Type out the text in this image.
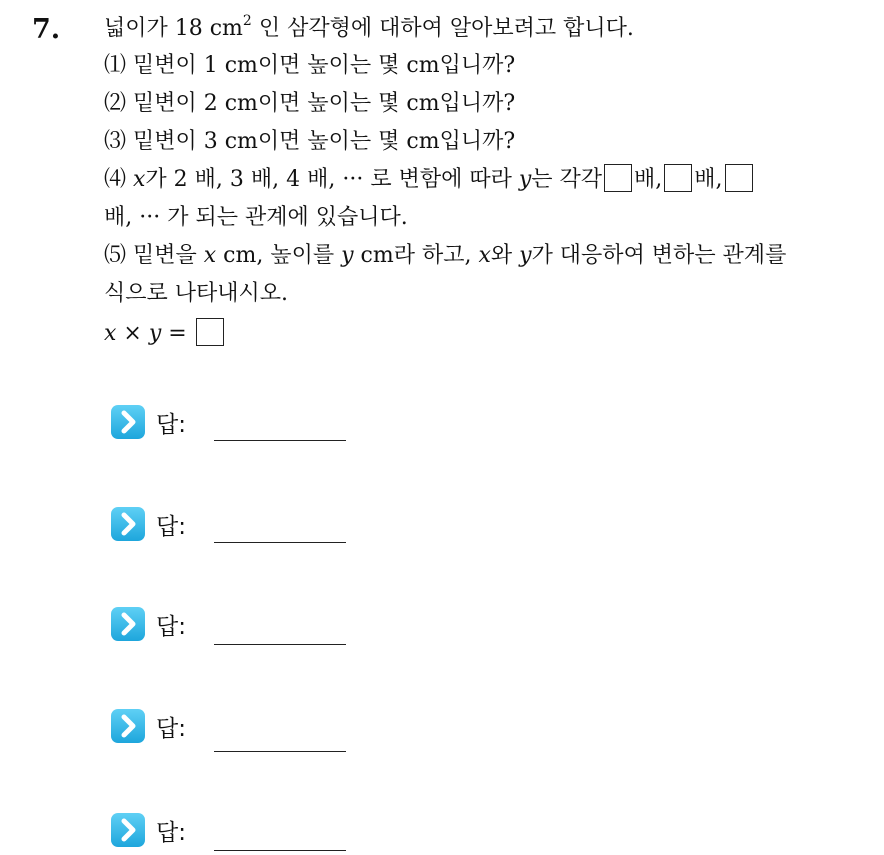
7. 넓이가 18 $cm^2$ 인 삼각형에 대하여 알아보려고 합니다.
⑴ 밑변이 1 cm이면 높이는 몇 cm입니까?
⑵ 밑변이 2 cm이면 높이는 몇 cm입니까?
⑶ 밑변이 3 cm이면 높이는 몇 cm입니까?
⑷ x가 2 배, 3 배, 4 배, ··· 로 변함에 따라 y는 각각 배, 배,
배, ··· 가 되는 관계에 있습니다.
⑸ 밑변을 x cm, 높이를 y cm라 하고, x와 y가 대응하여 변하는 관계를
식으로 나타내시오.
x × y =
답:
답:
답:
답:
답:
